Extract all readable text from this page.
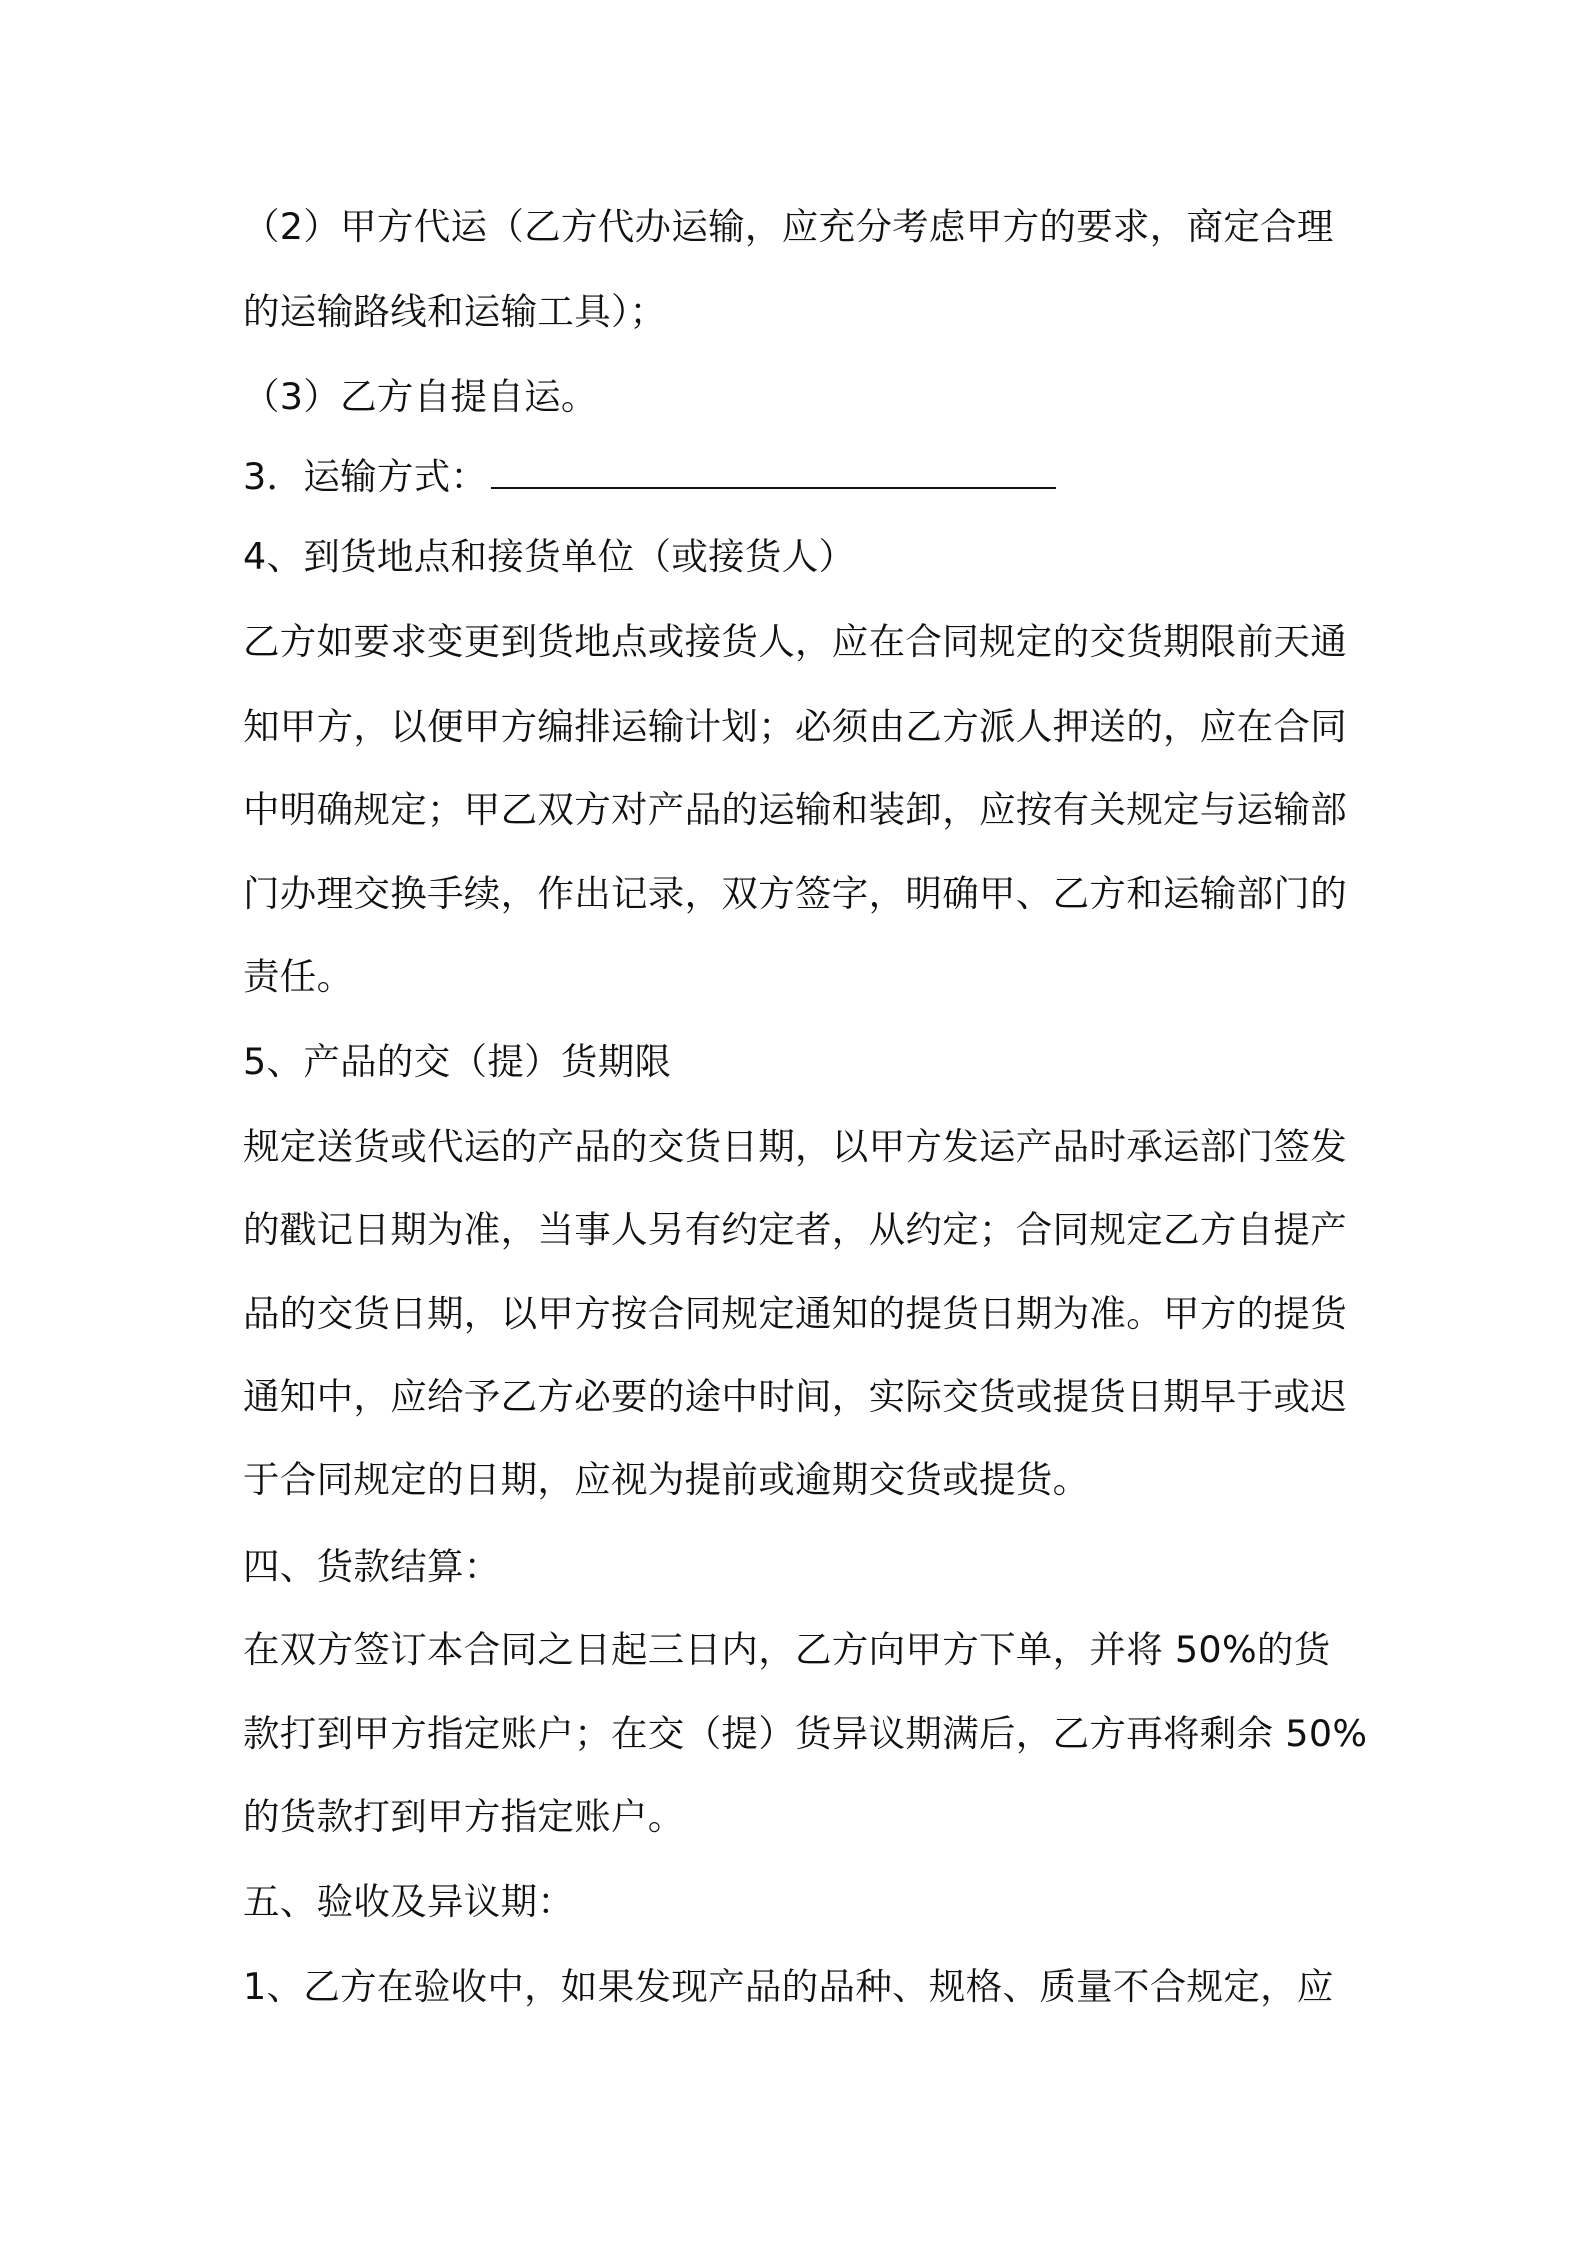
（2）甲方代运（乙方代办运输，应充分考虑甲方的要求，商定合理
的运输路线和运输工具）；
（3）乙方自提自运。
3．运输方式：
4、到货地点和接货单位（或接货人）
乙方如要求变更到货地点或接货人，应在合同规定的交货期限前天通
知甲方，以便甲方编排运输计划；必须由乙方派人押送的，应在合同
中明确规定；甲乙双方对产品的运输和装卸，应按有关规定与运输部
门办理交换手续，作出记录，双方签字，明确甲、乙方和运输部门的
责任。
5、产品的交（提）货期限
规定送货或代运的产品的交货日期，以甲方发运产品时承运部门签发
的戳记日期为准，当事人另有约定者，从约定；合同规定乙方自提产
品的交货日期，以甲方按合同规定通知的提货日期为准。甲方的提货
通知中，应给予乙方必要的途中时间，实际交货或提货日期早于或迟
于合同规定的日期，应视为提前或逾期交货或提货。
四、货款结算：
在双方签订本合同之日起三日内，乙方向甲方下单，并将 50%的货
款打到甲方指定账户；在交（提）货异议期满后，乙方再将剩余 50%
的货款打到甲方指定账户。
五、验收及异议期：
1、乙方在验收中，如果发现产品的品种、规格、质量不合规定，应
